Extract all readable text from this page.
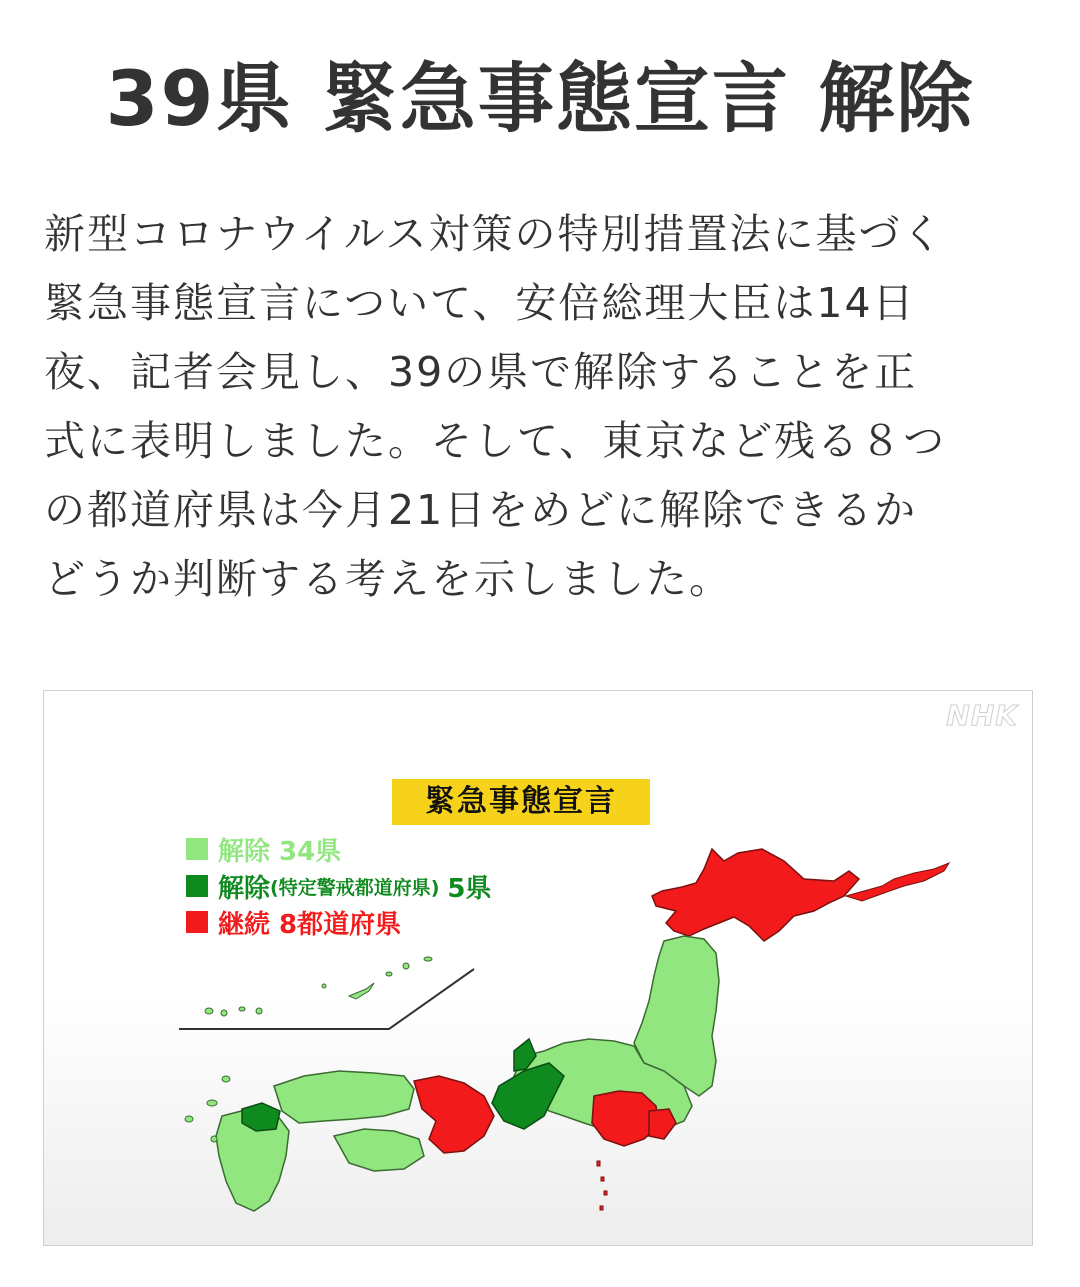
39県 緊急事態宣言 解除
新型コロナウイルス対策の特別措置法に基づく
緊急事態宣言について、安倍総理大臣は14日
夜、記者会見し、39の県で解除することを正
式に表明しました。そして、東京など残る８つ
の都道府県は今月21日をめどに解除できるか
どうか判断する考えを示しました。
NHK
緊急事態宣言
解除 34県
解除 (特定警戒都道府県) 5県
継続 8都道府県
